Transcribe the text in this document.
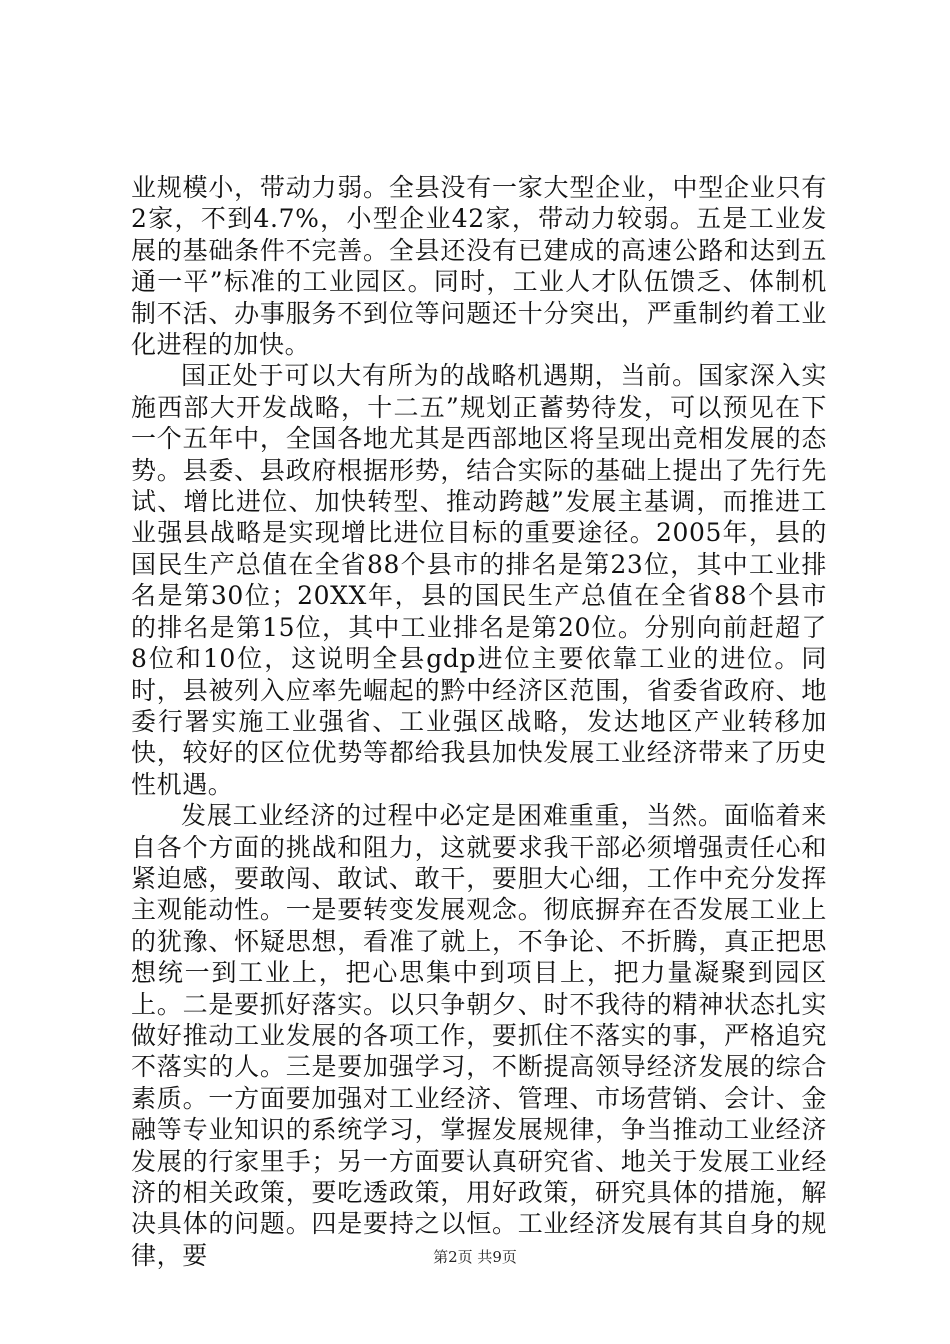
业规模小，带动力弱。全县没有一家大型企业，中型企业只有2家，不到4.7%，小型企业42家，带动力较弱。五是工业发展的基础条件不完善。全县还没有已建成的高速公路和达到五通一平”标准的工业园区。同时，工业人才队伍馈乏、体制机制不活、办事服务不到位等问题还十分突出，严重制约着工业化进程的加快。

国正处于可以大有所为的战略机遇期，当前。国家深入实施西部大开发战略，十二五”规划正蓄势待发，可以预见在下一个五年中，全国各地尤其是西部地区将呈现出竞相发展的态势。县委、县政府根据形势，结合实际的基础上提出了先行先试、增比进位、加快转型、推动跨越”发展主基调，而推进工业强县战略是实现增比进位目标的重要途径。2005年，县的国民生产总值在全省88个县市的排名是第23位，其中工业排名是第30位；20XX年，县的国民生产总值在全省88个县市的排名是第15位，其中工业排名是第20位。分别向前赶超了8位和10位，这说明全县gdp进位主要依靠工业的进位。同时，县被列入应率先崛起的黔中经济区范围，省委省政府、地委行署实施工业强省、工业强区战略，发达地区产业转移加快，较好的区位优势等都给我县加快发展工业经济带来了历史性机遇。

发展工业经济的过程中必定是困难重重，当然。面临着来自各个方面的挑战和阻力，这就要求我干部必须增强责任心和紧迫感，要敢闯、敢试、敢干，要胆大心细，工作中充分发挥主观能动性。一是要转变发展观念。彻底摒弃在否发展工业上的犹豫、怀疑思想，看准了就上，不争论、不折腾，真正把思想统一到工业上，把心思集中到项目上，把力量凝聚到园区上。二是要抓好落实。以只争朝夕、时不我待的精神状态扎实做好推动工业发展的各项工作，要抓住不落实的事，严格追究不落实的人。三是要加强学习，不断提高领导经济发展的综合素质。一方面要加强对工业经济、管理、市场营销、会计、金融等专业知识的系统学习，掌握发展规律，争当推动工业经济发展的行家里手；另一方面要认真研究省、地关于发展工业经济的相关政策，要吃透政策，用好政策，研究具体的措施，解决具体的问题。四是要持之以恒。工业经济发展有其自身的规律，要	第2页 共9页
